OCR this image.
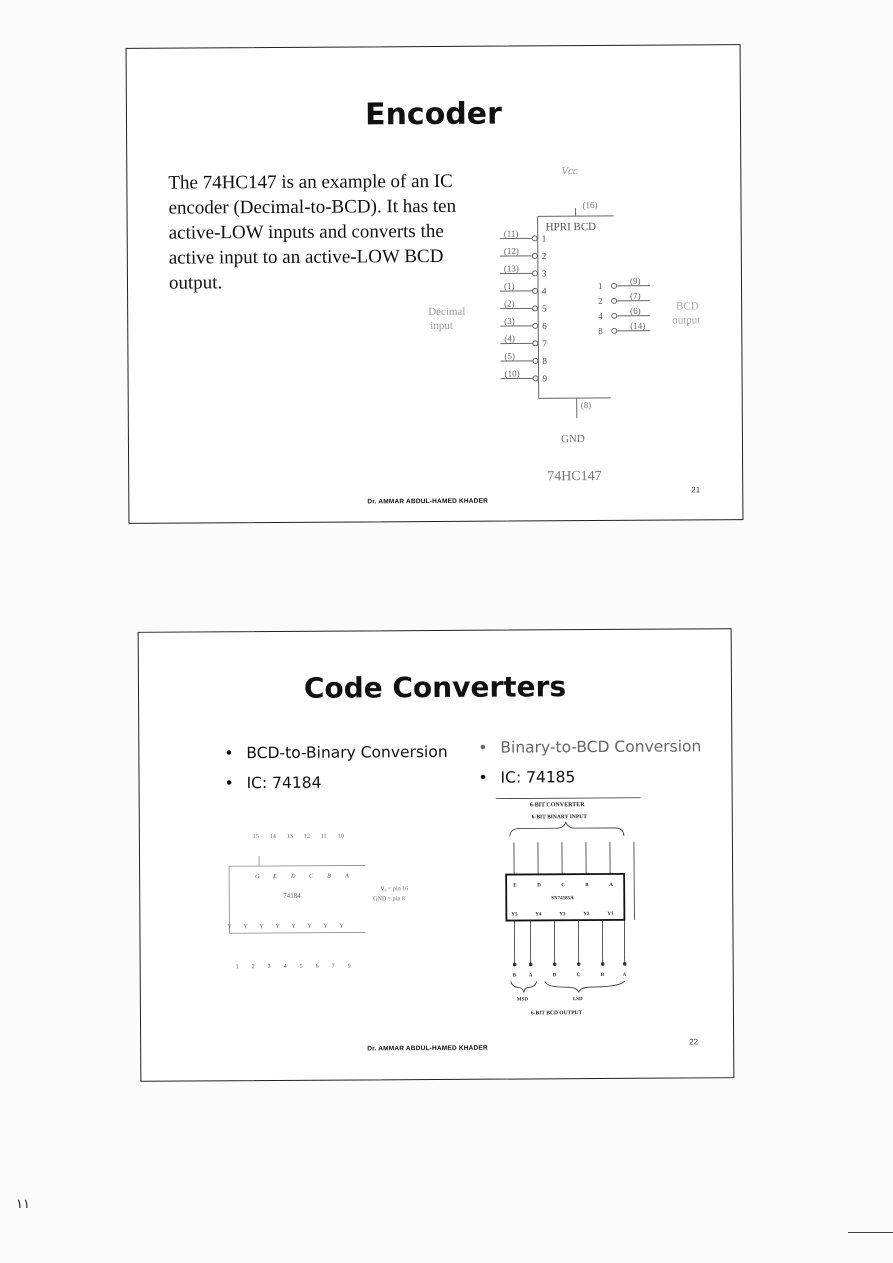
Encoder
The 74HC147 is an example of an IC encoder (Decimal-to-BCD). It has ten active-LOW inputs and converts the active input to an active-LOW BCD output.
Vcc
(16)
HPRI BCD
(11)	1
(12)	2
(13)	3
(1)	4
(2)	5
(3)	6
(4)	7
(5)	8
(10)	9
1
(9)
2
(7)
4
(6)
8
(14)
Decimal
input
BCD
output
(8)
GND
74HC147
Dr. AMMAR ABDUL-HAMED KHADER
21
Code Converters
• BCD-to-Binary Conversion
• IC: 74184
• Binary-to-BCD Conversion
• IC: 74185
15 14 13 12 11 10
G E D C B A
74184
V₀ = pin 16
GND = pin 8
Y Y Y Y Y Y Y Y
1 2 3 4 5 6 7 9
6-BIT CONVERTER
6-BIT BINARY INPUT
E	D	C	B	A
SN74185A
Y5	Y4	Y3	Y2	Y1
B	A	D	C	B	A
MSD	LSD
6-BIT BCD OUTPUT
Dr. AMMAR ABDUL-HAMED KHADER
22
١١
